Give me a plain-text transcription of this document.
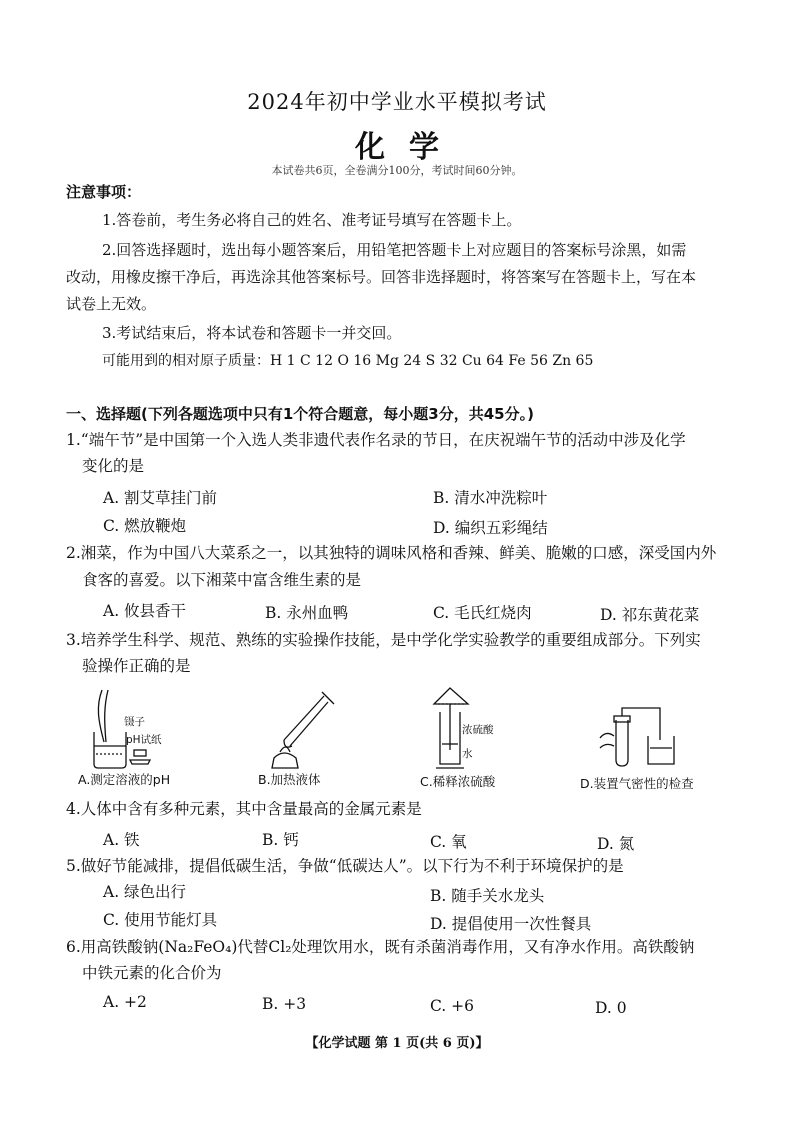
2024年初中学业水平模拟考试
化学
本试卷共6页，全卷满分100分，考试时间60分钟。
注意事项：
1.答卷前，考生务必将自己的姓名、准考证号填写在答题卡上。
2.回答选择题时，选出每小题答案后，用铅笔把答题卡上对应题目的答案标号涂黑，如需
改动，用橡皮擦干净后，再选涂其他答案标号。回答非选择题时，将答案写在答题卡上，写在本
试卷上无效。
3.考试结束后，将本试卷和答题卡一并交回。
可能用到的相对原子质量：H 1 C 12 O 16 Mg 24 S 32 Cu 64 Fe 56 Zn 65
一、选择题(下列各题选项中只有1个符合题意，每小题3分，共45分。)
1.“端午节”是中国第一个入选人类非遗代表作名录的节日，在庆祝端午节的活动中涉及化学
变化的是
A. 割艾草挂门前	B. 清水冲洗粽叶
C. 燃放鞭炮	D. 编织五彩绳结
2.湘菜，作为中国八大菜系之一，以其独特的调味风格和香辣、鲜美、脆嫩的口感，深受国内外
食客的喜爱。以下湘菜中富含维生素的是
A. 攸县香干	B. 永州血鸭	C. 毛氏红烧肉	D. 祁东黄花菜
3.培养学生科学、规范、熟练的实验操作技能，是中学化学实验教学的重要组成部分。下列实
验操作正确的是
镊子
pH试纸
浓硫酸
水
A.测定溶液的pH	B.加热液体	C.稀释浓硫酸	D.装置气密性的检查
4.人体中含有多种元素，其中含量最高的金属元素是
A. 铁	B. 钙	C. 氧	D. 氮
5.做好节能减排，提倡低碳生活，争做“低碳达人”。以下行为不利于环境保护的是
A. 绿色出行	B. 随手关水龙头
C. 使用节能灯具	D. 提倡使用一次性餐具
6.用高铁酸钠(Na₂FeO₄)代替Cl₂处理饮用水，既有杀菌消毒作用，又有净水作用。高铁酸钠
中铁元素的化合价为
A. +2	B. +3	C. +6	D. 0
【化学试题 第 1 页(共 6 页)】
